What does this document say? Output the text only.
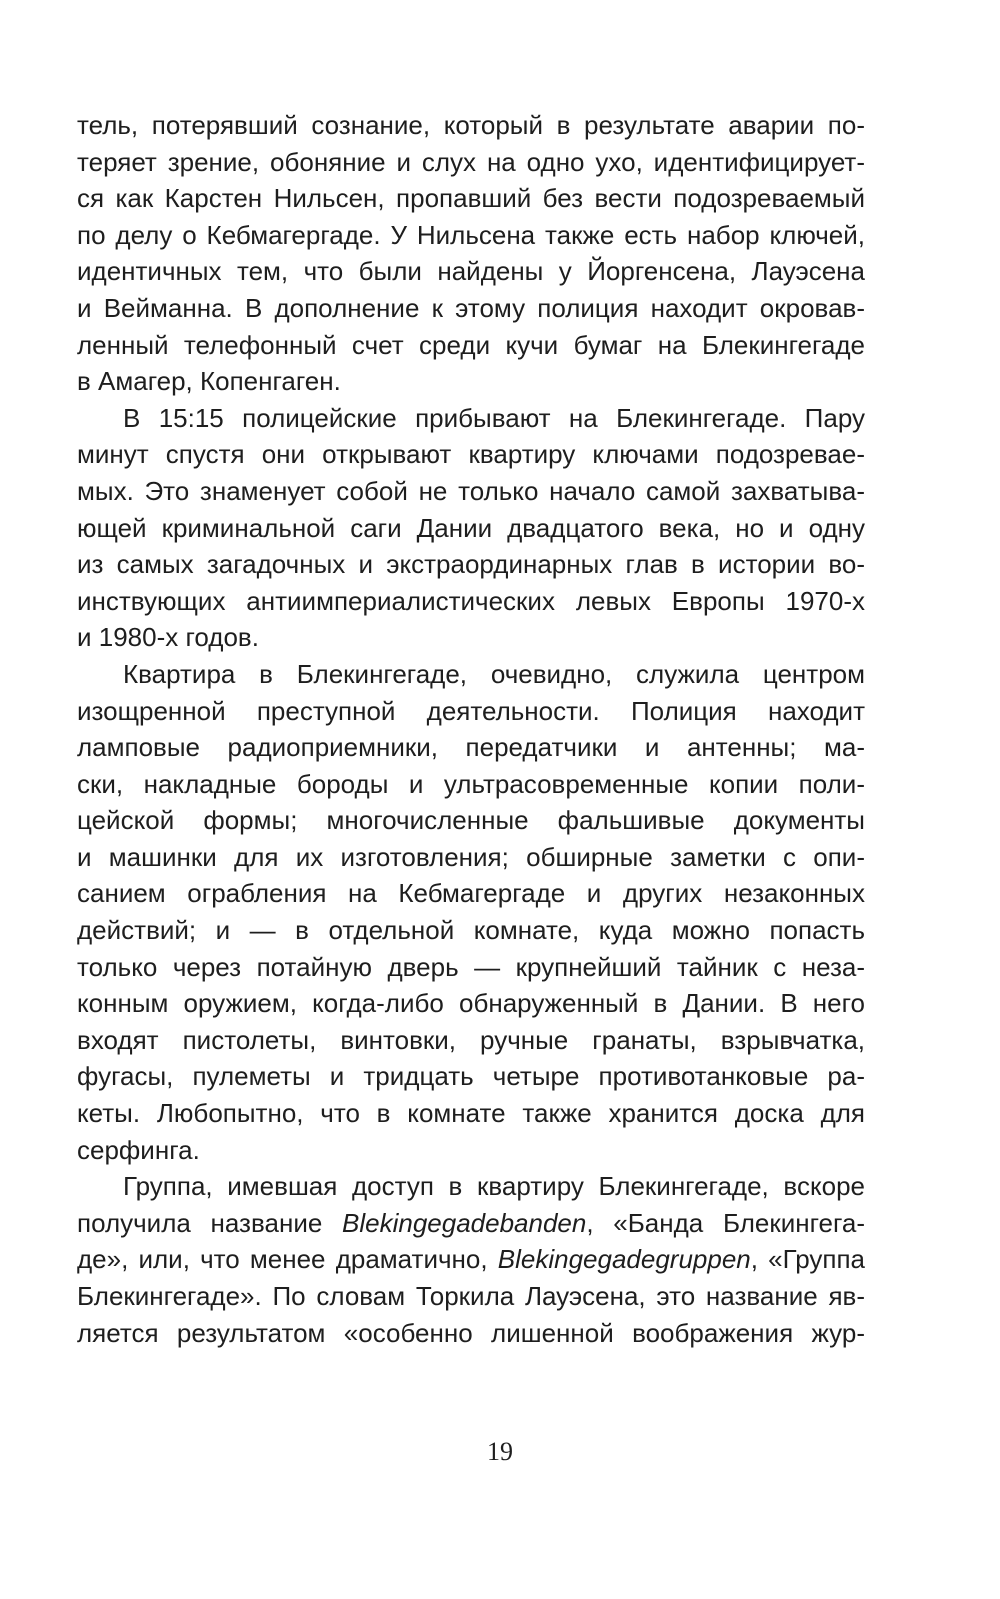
тель, потерявший сознание, который в результате аварии по-
теряет зрение, обоняние и слух на одно ухо, идентифицирует-
ся как Карстен Нильсен, пропавший без вести подозреваемый
по делу о Кебмагергаде. У Нильсена также есть набор ключей,
идентичных тем, что были найдены у Йоргенсена, Лауэсена
и Вейманна. В дополнение к этому полиция находит окровав-
ленный телефонный счет среди кучи бумаг на Блекингегаде
в Амагер, Копенгаген.

В 15:15 полицейские прибывают на Блекингегаде. Пару
минут спустя они открывают квартиру ключами подозревае-
мых. Это знаменует собой не только начало самой захватыва-
ющей криминальной саги Дании двадцатого века, но и одну
из самых загадочных и экстраординарных глав в истории во-
инствующих антиимпериалистических левых Европы 1970-х
и 1980-х годов.

Квартира в Блекингегаде, очевидно, служила центром
изощренной преступной деятельности. Полиция находит
ламповые радиоприемники, передатчики и антенны; ма-
ски, накладные бороды и ультрасовременные копии поли-
цейской формы; многочисленные фальшивые документы
и машинки для их изготовления; обширные заметки с опи-
санием ограбления на Кебмагергаде и других незаконных
действий; и — в отдельной комнате, куда можно попасть
только через потайную дверь — крупнейший тайник с неза-
конным оружием, когда-либо обнаруженный в Дании. В него
входят пистолеты, винтовки, ручные гранаты, взрывчатка,
фугасы, пулеметы и тридцать четыре противотанковые ра-
кеты. Любопытно, что в комнате также хранится доска для
серфинга.

Группа, имевшая доступ в квартиру Блекингегаде, вскоре
получила название Blekingegadebanden, «Банда Блекингега-
де», или, что менее драматично, Blekingegadegruppen, «Группа
Блекингегаде». По словам Торкила Лауэсена, это название яв-
ляется результатом «особенно лишенной воображения жур-

19
